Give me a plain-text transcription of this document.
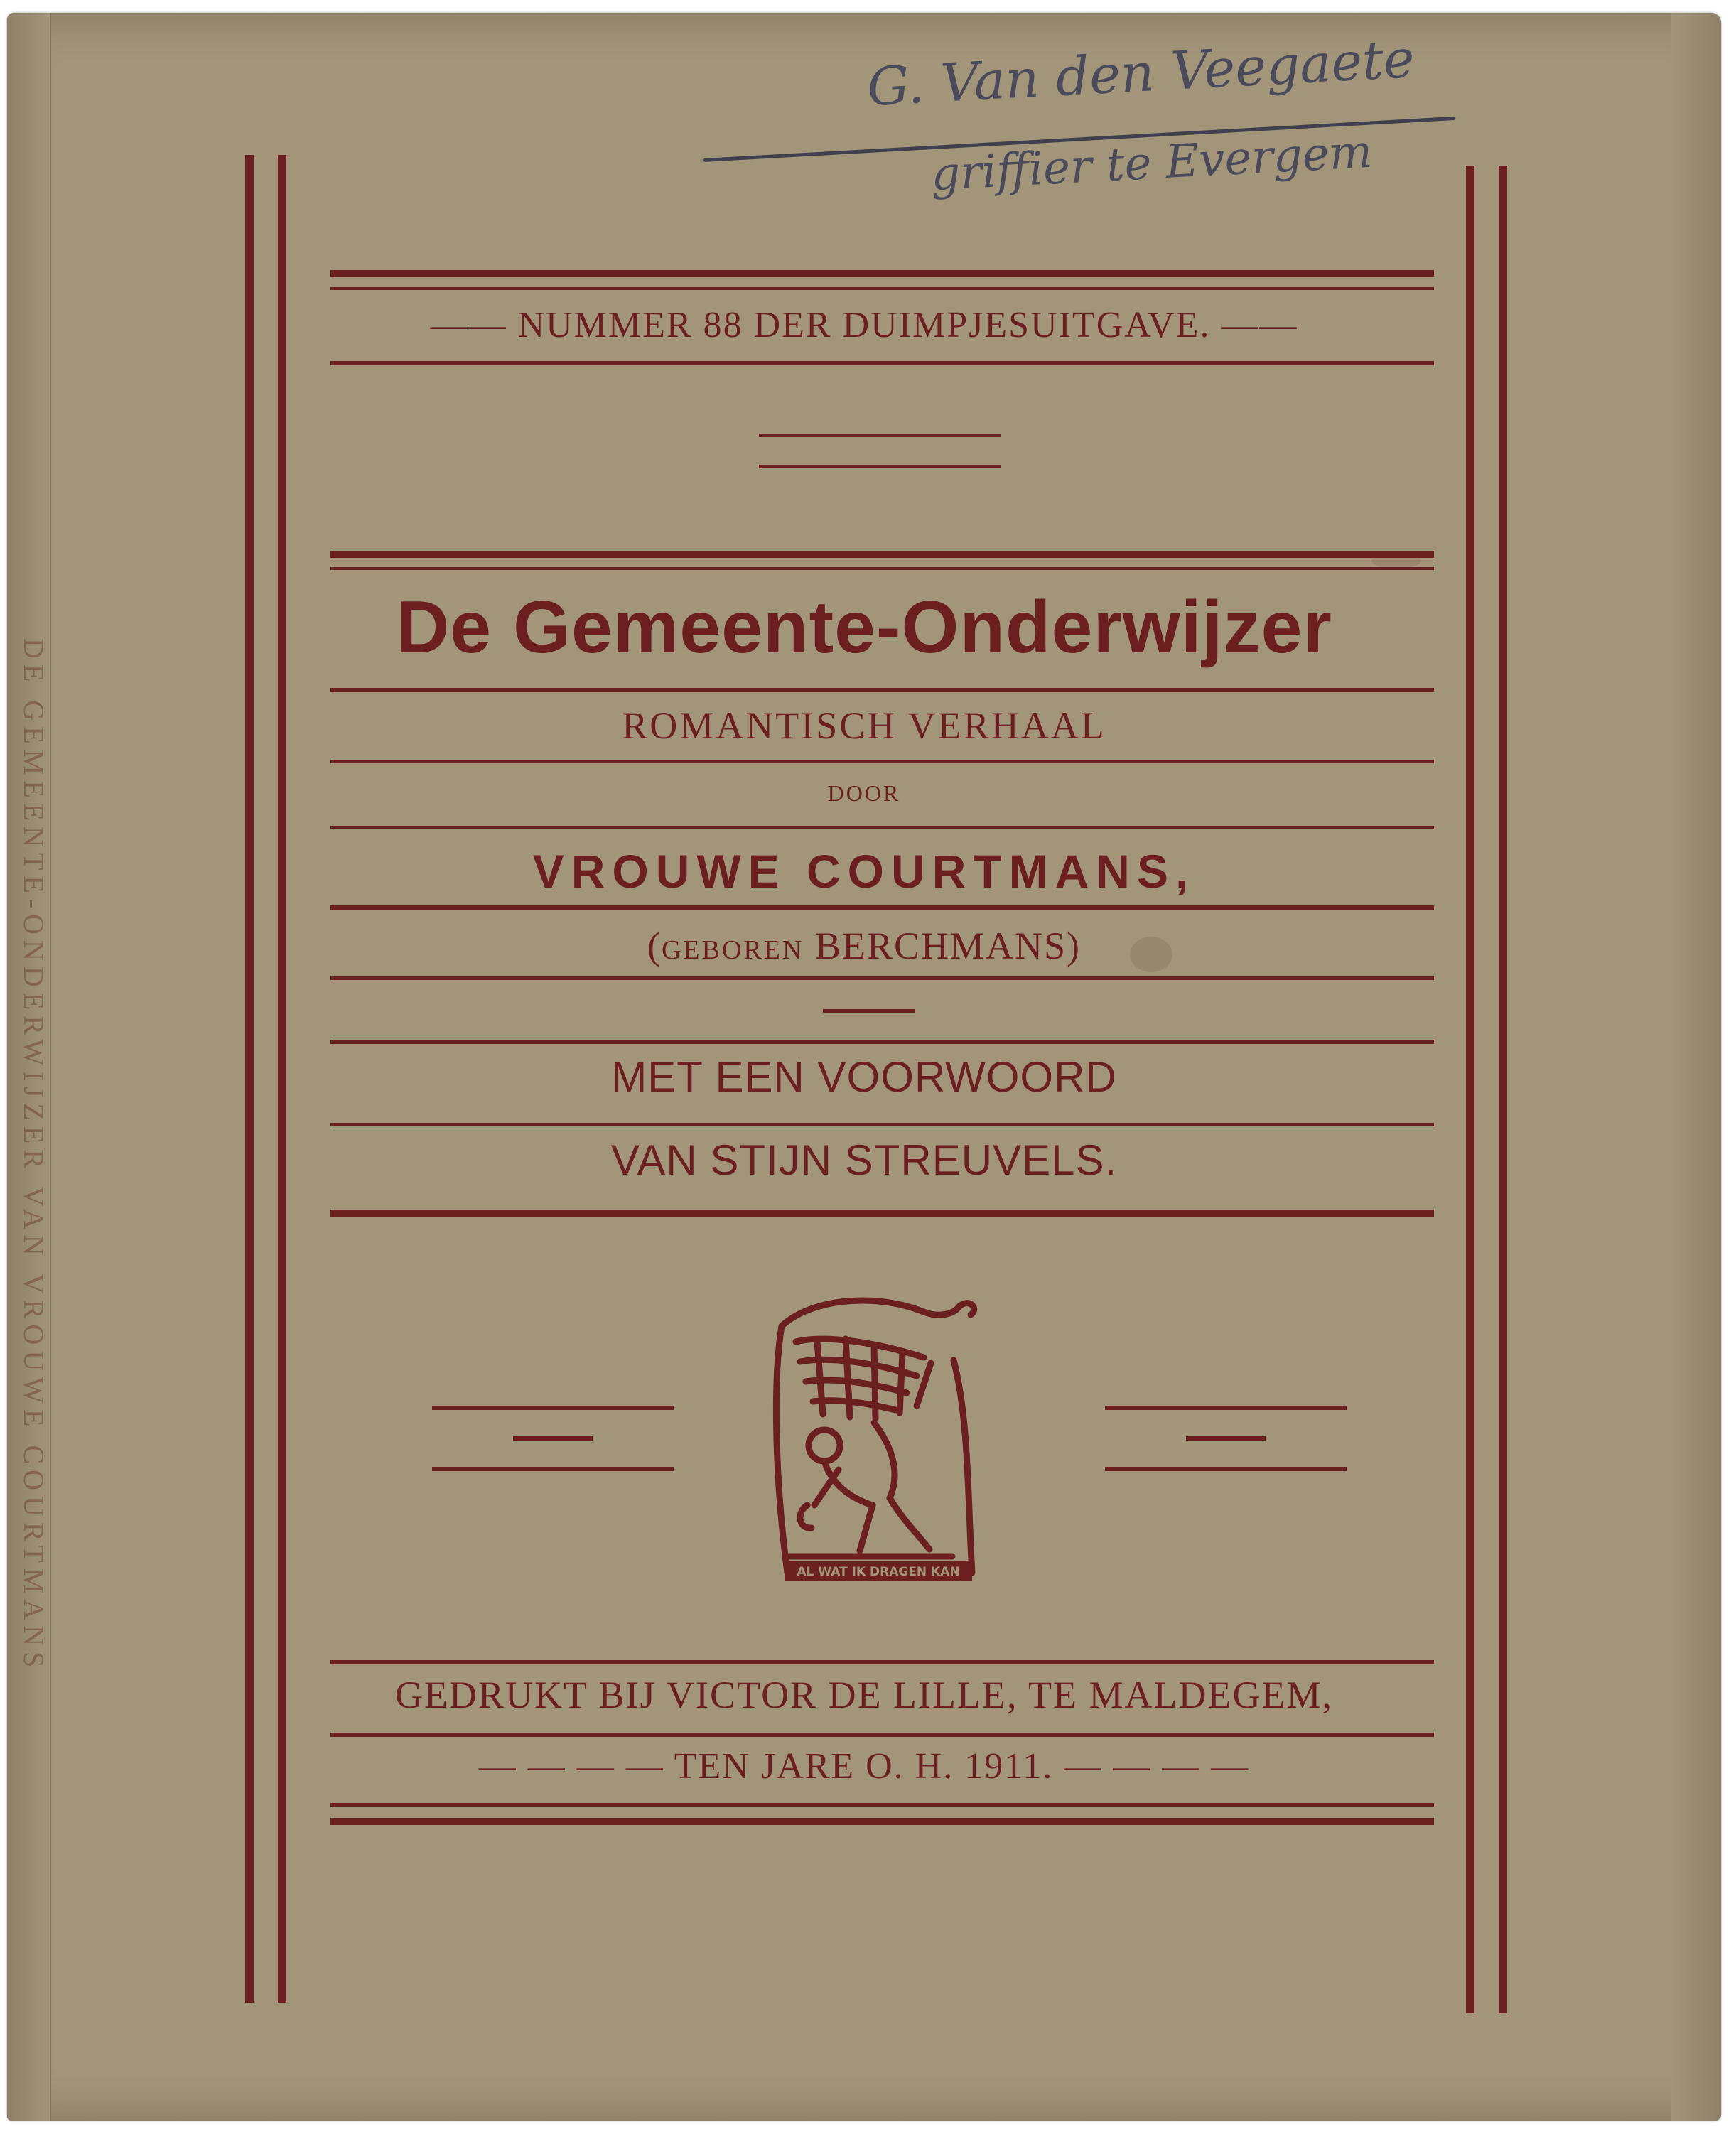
DE GEMEENTE-ONDERWIJZER VAN VROUWE COURTMANS
G. Van den Veegaete
griffier te Evergem
—— NUMMER 88 DER DUIMPJESUITGAVE. ——
De Gemeente-Onderwijzer
ROMANTISCH VERHAAL
DOOR
VROUWE COURTMANS,
(GEBOREN BERCHMANS)
MET EEN VOORWOORD
VAN STIJN STREUVELS.
AL WAT IK DRAGEN KAN
GEDRUKT BIJ VICTOR DE LILLE, TE MALDEGEM,
— — — — TEN JARE O. H. 1911. — — — —
